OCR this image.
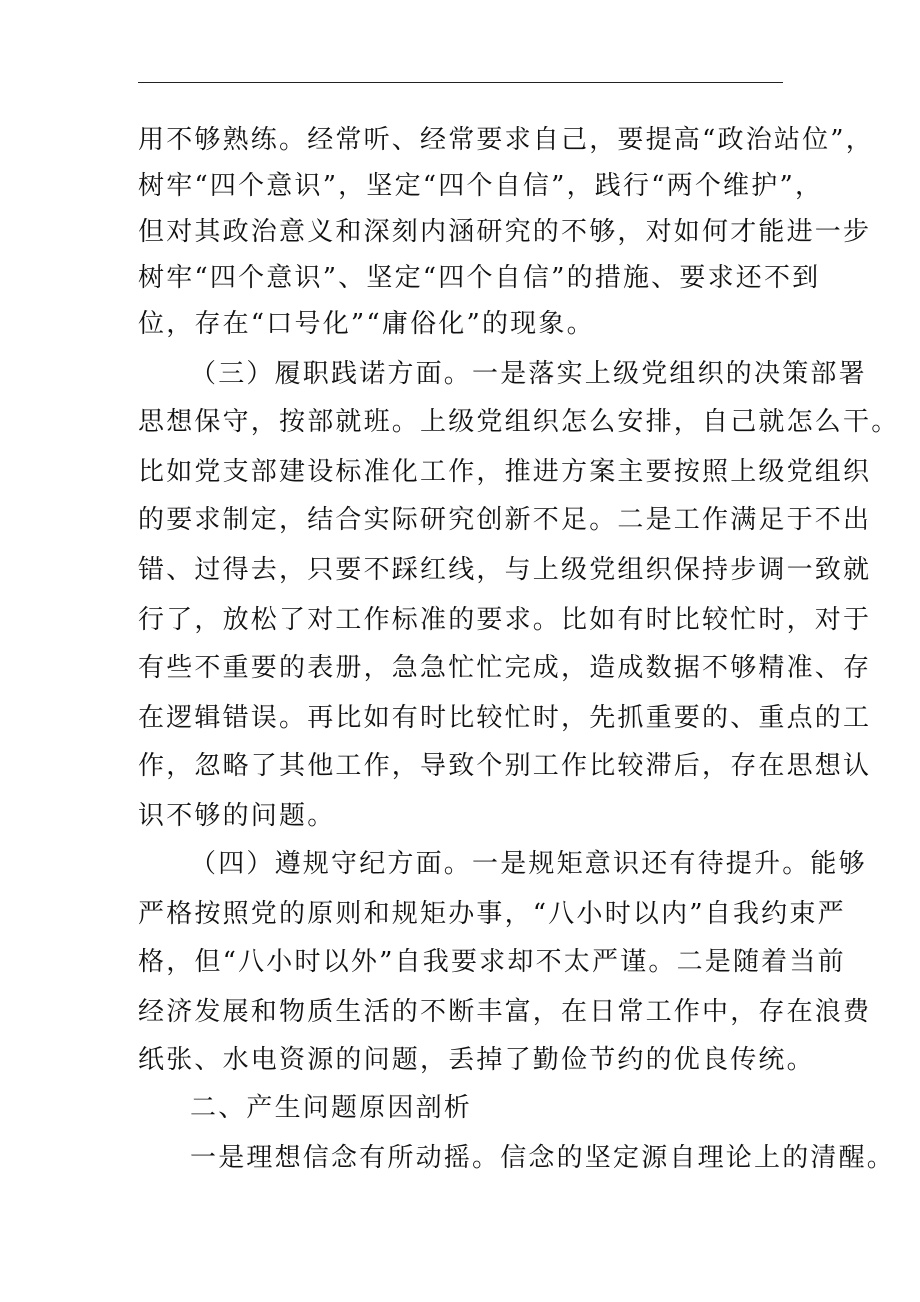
用不够熟练。经常听、经常要求自己，要提高“政治站位”，
树牢“四个意识”，坚定“四个自信”，践行“两个维护”，
但对其政治意义和深刻内涵研究的不够，对如何才能进一步
树牢“四个意识”、坚定“四个自信”的措施、要求还不到
位，存在“口号化”“庸俗化”的现象。
（三）履职践诺方面。一是落实上级党组织的决策部署
思想保守，按部就班。上级党组织怎么安排，自己就怎么干。
比如党支部建设标准化工作，推进方案主要按照上级党组织
的要求制定，结合实际研究创新不足。二是工作满足于不出
错、过得去，只要不踩红线，与上级党组织保持步调一致就
行了，放松了对工作标准的要求。比如有时比较忙时，对于
有些不重要的表册，急急忙忙完成，造成数据不够精准、存
在逻辑错误。再比如有时比较忙时，先抓重要的、重点的工
作，忽略了其他工作，导致个别工作比较滞后，存在思想认
识不够的问题。
（四）遵规守纪方面。一是规矩意识还有待提升。能够
严格按照党的原则和规矩办事，“八小时以内”自我约束严
格，但“八小时以外”自我要求却不太严谨。二是随着当前
经济发展和物质生活的不断丰富，在日常工作中，存在浪费
纸张、水电资源的问题，丢掉了勤俭节约的优良传统。
二、产生问题原因剖析
一是理想信念有所动摇。信念的坚定源自理论上的清醒。
